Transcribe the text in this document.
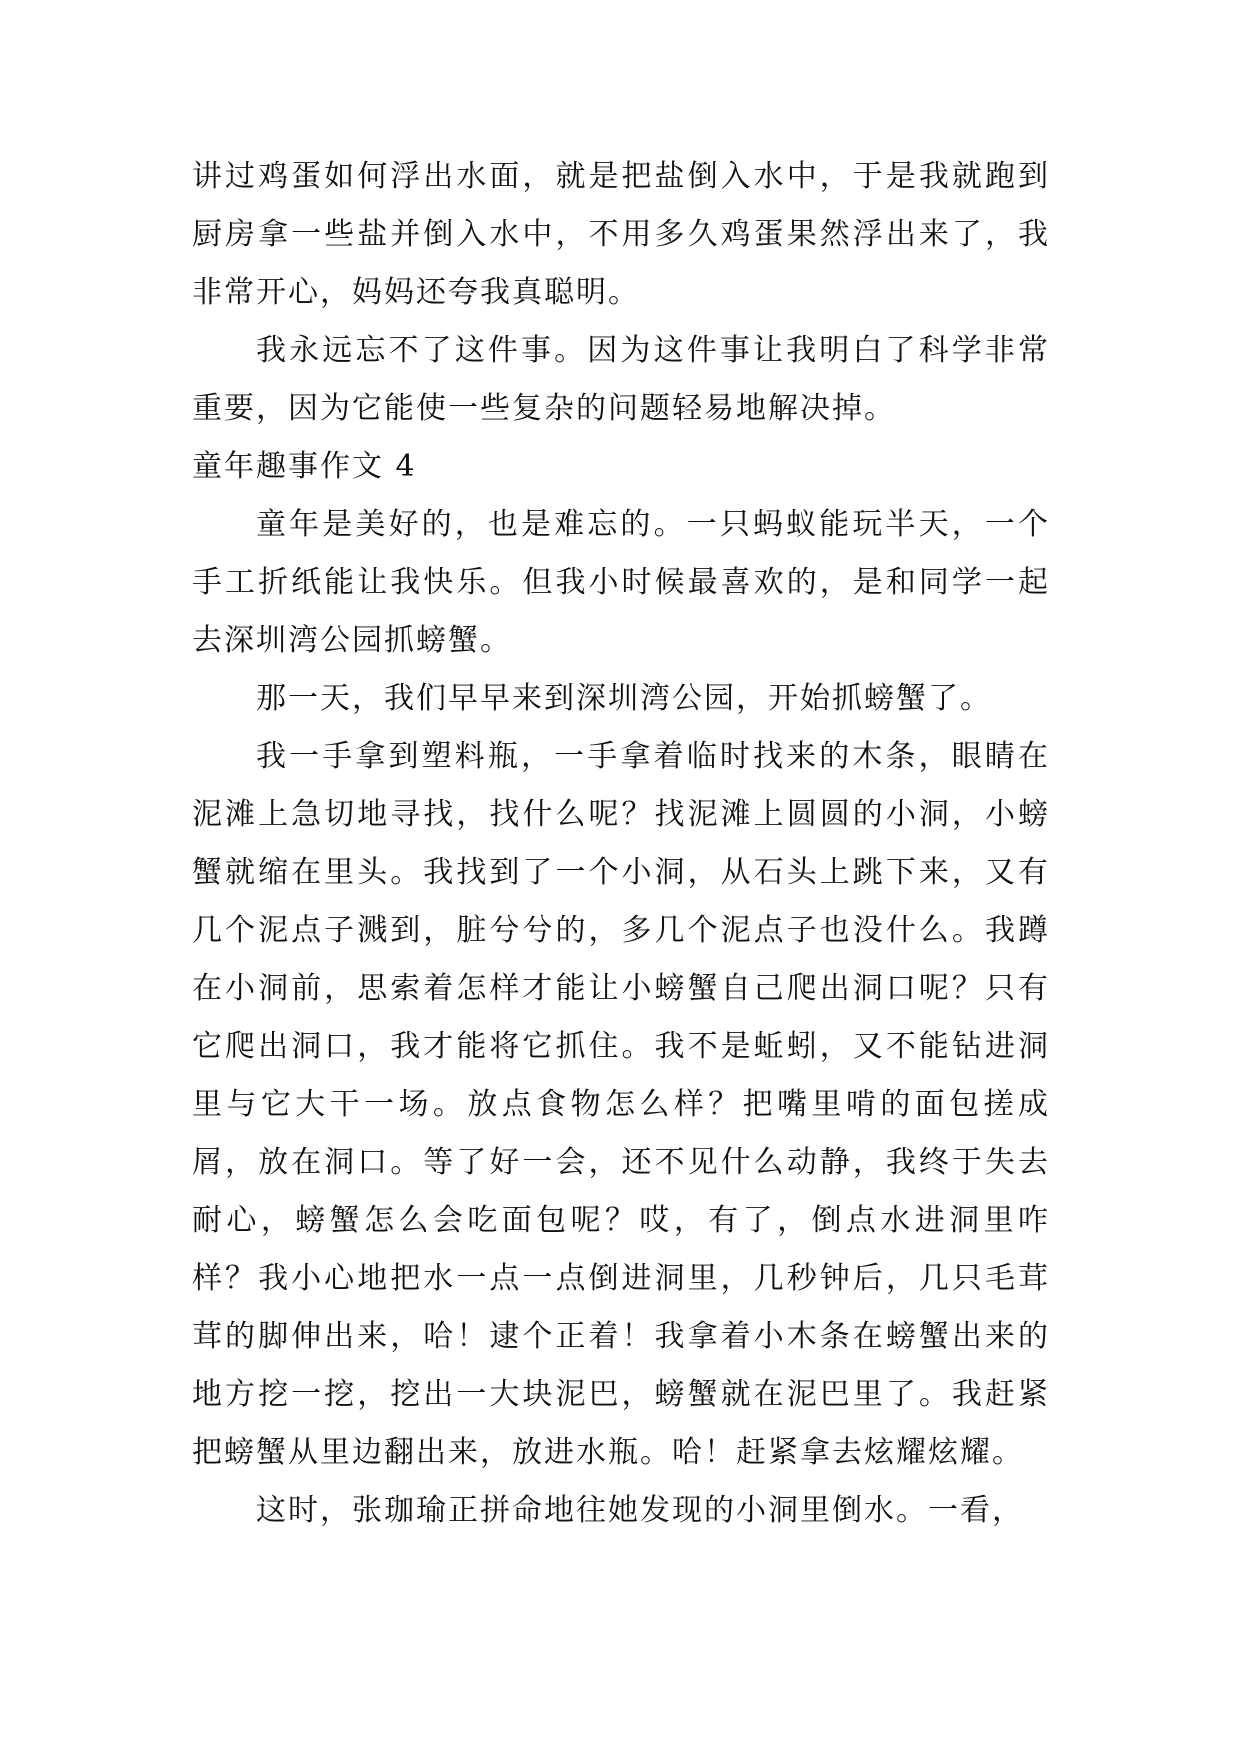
讲过鸡蛋如何浮出水面，就是把盐倒入水中，于是我就跑到厨房拿一些盐并倒入水中，不用多久鸡蛋果然浮出来了，我非常开心，妈妈还夸我真聪明。

我永远忘不了这件事。因为这件事让我明白了科学非常重要，因为它能使一些复杂的问题轻易地解决掉。

童年趣事作文 4

童年是美好的，也是难忘的。一只蚂蚁能玩半天，一个手工折纸能让我快乐。但我小时候最喜欢的，是和同学一起去深圳湾公园抓螃蟹。

那一天，我们早早来到深圳湾公园，开始抓螃蟹了。

我一手拿到塑料瓶，一手拿着临时找来的木条，眼睛在泥滩上急切地寻找，找什么呢？找泥滩上圆圆的小洞，小螃蟹就缩在里头。我找到了一个小洞，从石头上跳下来，又有几个泥点子溅到，脏兮兮的，多几个泥点子也没什么。我蹲在小洞前，思索着怎样才能让小螃蟹自己爬出洞口呢？只有它爬出洞口，我才能将它抓住。我不是蚯蚓，又不能钻进洞里与它大干一场。放点食物怎么样？把嘴里啃的面包搓成屑，放在洞口。等了好一会，还不见什么动静，我终于失去耐心，螃蟹怎么会吃面包呢？哎，有了，倒点水进洞里咋样？我小心地把水一点一点倒进洞里，几秒钟后，几只毛茸茸的脚伸出来，哈！逮个正着！我拿着小木条在螃蟹出来的地方挖一挖，挖出一大块泥巴，螃蟹就在泥巴里了。我赶紧把螃蟹从里边翻出来，放进水瓶。哈！赶紧拿去炫耀炫耀。

这时，张珈瑜正拼命地往她发现的小洞里倒水。一看，
